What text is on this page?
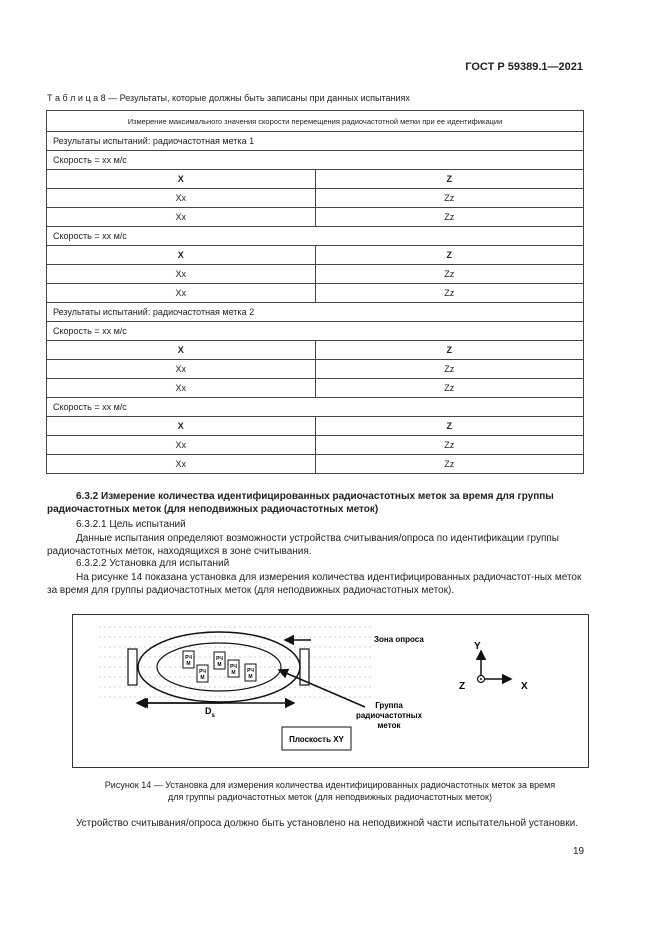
ГОСТ Р 59389.1—2021
Т а б л и ц а 8 — Результаты, которые должны быть записаны при данных испытаниях
Измерение максимального значения скорости перемещения радиочастотной метки при ее идентификации	
Результаты испытаний: радиочастотная метка 1	
Скорость = xx м/с	
X	Z
Xx	Zz
Xx	Zz
Скорость = xx м/с	
X	Z
Xx	Zz
Xx	Zz
Результаты испытаний: радиочастотная метка 2	
Скорость = xx м/с	
X	Z
Xx	Zz
Xx	Zz
Скорость = xx м/с	
X	Z
Xx	Zz
Xx	Zz
6.3.2 Измерение количества идентифицированных радиочастотных меток за время для группы радиочастотных меток (для неподвижных радиочастотных меток)
6.3.2.1 Цель испытаний
Данные испытания определяют возможности устройства считывания/опроса по идентификации группы радиочастотных меток, находящихся в зоне считывания.
6.3.2.2 Установка для испытаний
На рисунке 14 показана установка для измерения количества идентифицированных радиочастот-ных меток за время для группы радиочастотных меток (для неподвижных радиочастотных меток).
РЧ
М
РЧ
М
РЧ
М РЧ
М РЧ
М
Зона опроса
Группа
радиочастотных
меток
$D_s$
Плоскость XY
Y
X
Z
Рисунок 14 — Установка для измерения количества идентифицированных радиочастотных меток за время
для группы радиочастотных меток (для неподвижных радиочастотных меток)
Устройство считывания/опроса должно быть установлено на неподвижной части испытательной установки.
19
